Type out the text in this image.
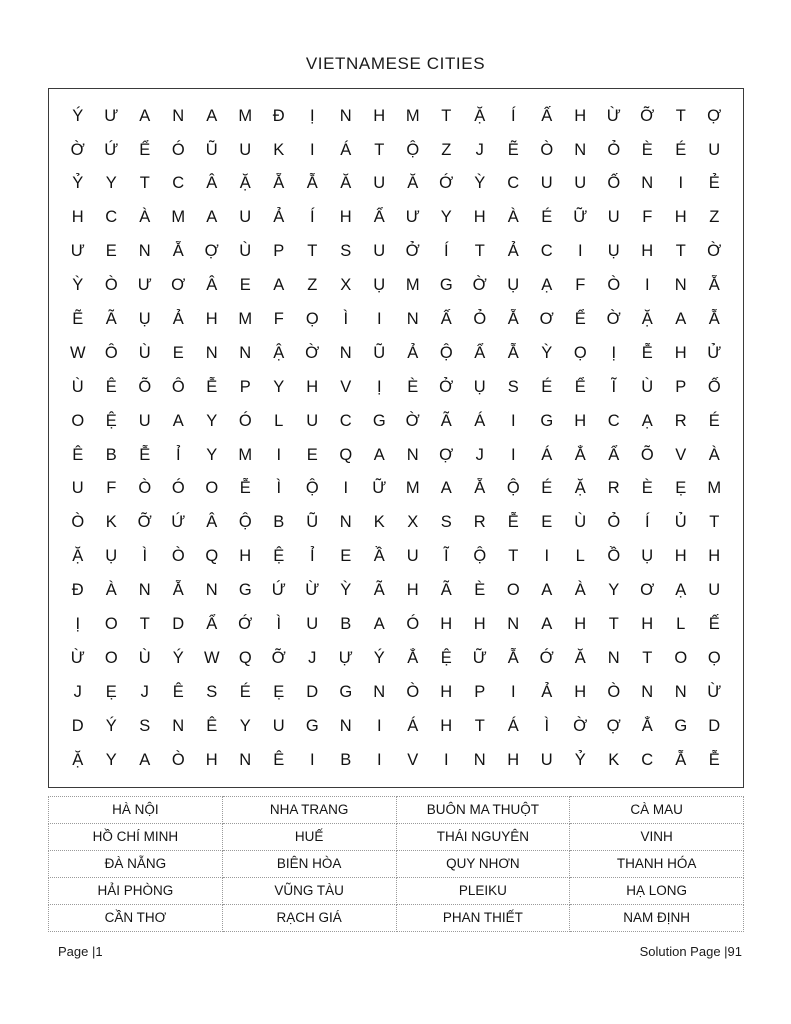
VIETNAMESE CITIES
Ý	Ư	A	N	A	M	Đ	Ị	N	H	M	T	Ặ	Í	Ấ	H	Ừ	Ỡ	T	Ợ
Ờ	Ứ	Ể	Ó	Ũ	U	K	I	Á	T	Ộ	Z	J	Ẽ	Ò	N	Ỏ	È	É	U
Ỷ	Y	T	C	Â	Ặ	Ẵ	Ẫ	Ă	U	Ă	Ớ	Ỳ	C	U	U	Ố	N	I	Ẻ
H	C	À	M	A	U	Ả	Í	H	Ẩ	Ư	Y	H	À	É	Ữ	U	F	H	Z
Ư	E	N	Ẵ	Ợ	Ù	P	T	S	U	Ở	Í	T	Ả	C	I	Ụ	H	T	Ờ
Ỳ	Ò	Ư	Ơ	Â	E	A	Z	X	Ụ	M	G	Ờ	Ụ	Ạ	F	Ò	I	N	Ẵ
Ẽ	Ã	Ụ	Ả	H	M	F	Ọ	Ì	I	N	Ấ	Ỏ	Ẵ	Ơ	Ể	Ờ	Ặ	A	Ẫ
W	Ô	Ù	E	N	N	Ậ	Ờ	N	Ũ	Ả	Ộ	Ẩ	Ẫ	Ỳ	Ọ	Ị	Ễ	H	Ử
Ù	Ê	Õ	Ô	Ễ	P	Y	H	V	Ị	È	Ở	Ụ	S	É	Ể	Ĩ	Ù	P	Ố
O	Ệ	U	A	Y	Ó	L	U	C	G	Ờ	Ã	Á	I	G	H	C	Ạ	R	É
Ê	B	Ễ	Ỉ	Y	M	I	E	Q	A	N	Ợ	J	I	Á	Ẳ	Ẩ	Õ	V	À
U	F	Ò	Ó	O	Ễ	Ì	Ộ	I	Ữ	M	A	Ẵ	Ộ	É	Ặ	R	È	Ẹ	M
Ò	K	Ỡ	Ứ	Â	Ộ	B	Ũ	N	K	X	S	R	Ễ	E	Ù	Ỏ	Í	Ủ	T
Ặ	Ụ	Ì	Ò	Q	H	Ệ	Ỉ	E	Ầ	U	Ĩ	Ộ	T	I	L	Ồ	Ụ	H	H
Đ	À	N	Ẵ	N	G	Ứ	Ừ	Ỳ	Ã	H	Ã	È	O	A	À	Y	Ơ	Ạ	U
Ị	O	T	D	Ẩ	Ớ	Ì	U	B	A	Ó	H	H	N	A	H	T	H	L	Ế
Ừ	O	Ù	Ý	W	Q	Ỡ	J	Ự	Ý	Ẳ	Ệ	Ữ	Ẫ	Ớ	Ă	N	T	O	Ọ
J	Ẹ	J	Ê	S	É	Ẹ	D	G	N	Ò	H	P	I	Ả	H	Ò	N	N	Ừ
D	Ý	S	N	Ê	Y	U	G	N	I	Á	H	T	Á	Ì	Ờ	Ợ	Ẳ	G	D
Ặ	Y	A	Ò	H	N	Ê	I	B	I	V	I	N	H	U	Ỷ	K	C	Ẫ	Ễ
HÀ NỘI	NHA TRANG	BUÔN MA THUỘT	CÀ MAU
HỒ CHÍ MINH	HUẾ	THÁI NGUYÊN	VINH
ĐÀ NẴNG	BIÊN HÒA	QUY NHƠN	THANH HÓA
HẢI PHÒNG	VŨNG TÀU	PLEIKU	HẠ LONG
CẦN THƠ	RẠCH GIÁ	PHAN THIẾT	NAM ĐỊNH
Page |1	Solution Page |91
